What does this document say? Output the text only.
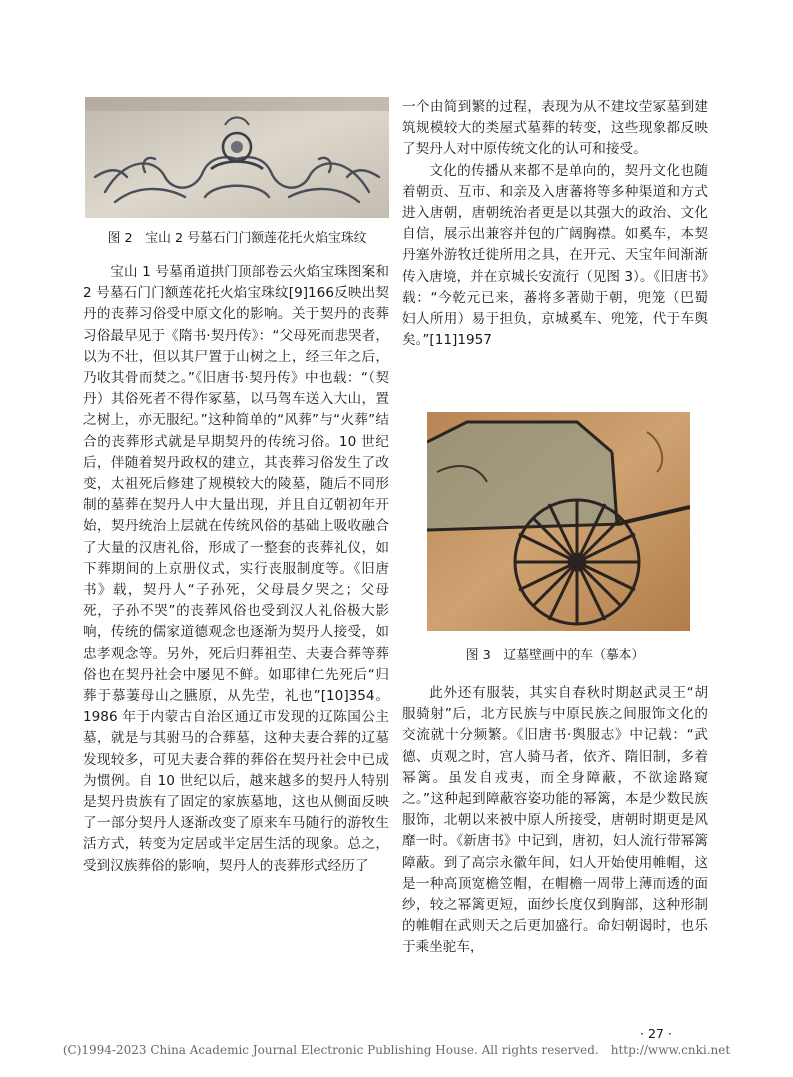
图 2　宝山 2 号墓石门门额莲花托火焰宝珠纹

宝山 1 号墓甬道拱门顶部卷云火焰宝珠图案和 2 号墓石门门额莲花托火焰宝珠纹[9]166反映出契丹的丧葬习俗受中原文化的影响。关于契丹的丧葬习俗最早见于《隋书·契丹传》：“父母死而悲哭者，以为不壮，但以其尸置于山树之上，经三年之后，乃收其骨而焚之。”《旧唐书·契丹传》中也载：“（契丹）其俗死者不得作冢墓，以马驾车送入大山，置之树上，亦无服纪。”这种简单的“风葬”与“火葬”结合的丧葬形式就是早期契丹的传统习俗。10 世纪后，伴随着契丹政权的建立，其丧葬习俗发生了改变，太祖死后修建了规模较大的陵墓，随后不同形制的墓葬在契丹人中大量出现，并且自辽朝初年开始，契丹统治上层就在传统风俗的基础上吸收融合了大量的汉唐礼俗，形成了一整套的丧葬礼仪，如下葬期间的上京册仪式，实行丧服制度等。《旧唐书》载，契丹人“子孙死，父母晨夕哭之；父母死，子孙不哭”的丧葬风俗也受到汉人礼俗极大影响，传统的儒家道德观念也逐渐为契丹人接受，如忠孝观念等。另外，死后归葬祖茔、夫妻合葬等葬俗也在契丹社会中屡见不鲜。如耶律仁先死后“归葬于慕萋母山之臙原，从先茔，礼也”[10]354。1986 年于内蒙古自治区通辽市发现的辽陈国公主墓，就是与其驸马的合葬墓，这种夫妻合葬的辽墓发现较多，可见夫妻合葬的葬俗在契丹社会中已成为惯例。自 10 世纪以后，越来越多的契丹人特别是契丹贵族有了固定的家族墓地，这也从侧面反映了一部分契丹人逐渐改变了原来车马随行的游牧生活方式，转变为定居或半定居生活的现象。总之，受到汉族葬俗的影响，契丹人的丧葬形式经历了

一个由简到繁的过程，表现为从不建坟茔冢墓到建筑规模较大的类屋式墓葬的转变，这些现象都反映了契丹人对中原传统文化的认可和接受。

文化的传播从来都不是单向的，契丹文化也随着朝贡、互市、和亲及入唐蕃将等多种渠道和方式进入唐朝，唐朝统治者更是以其强大的政治、文化自信，展示出兼容并包的广阔胸襟。如奚车，本契丹塞外游牧迁徙所用之具，在开元、天宝年间渐渐传入唐境，并在京城长安流行（见图 3）。《旧唐书》载：“今乾元已来，蕃将多著勋于朝，兜笼（巴蜀妇人所用）易于担负，京城奚车、兜笼，代于车舆矣。”[11]1957

图 3　辽墓壁画中的车（摹本）

此外还有服装，其实自春秋时期赵武灵王“胡服骑射”后，北方民族与中原民族之间服饰文化的交流就十分频繁。《旧唐书·舆服志》中记载：“武德、贞观之时，宫人骑马者，依齐、隋旧制，多着幂篱。虽发自戎夷，而全身障蔽，不欲途路窥之。”这种起到障蔽容姿功能的幂篱，本是少数民族服饰，北朝以来被中原人所接受，唐朝时期更是风靡一时。《新唐书》中记到，唐初，妇人流行带幂篱障蔽。到了高宗永徽年间，妇人开始使用帷帽，这是一种高顶宽檐笠帽，在帽檐一周带上薄而透的面纱，较之幂篱更短，面纱长度仅到胸部，这种形制的帷帽在武则天之后更加盛行。命妇朝谒时，也乐于乘坐驼车，

· 27 ·
(C)1994-2023 China Academic Journal Electronic Publishing House. All rights reserved.　http://www.cnki.net
